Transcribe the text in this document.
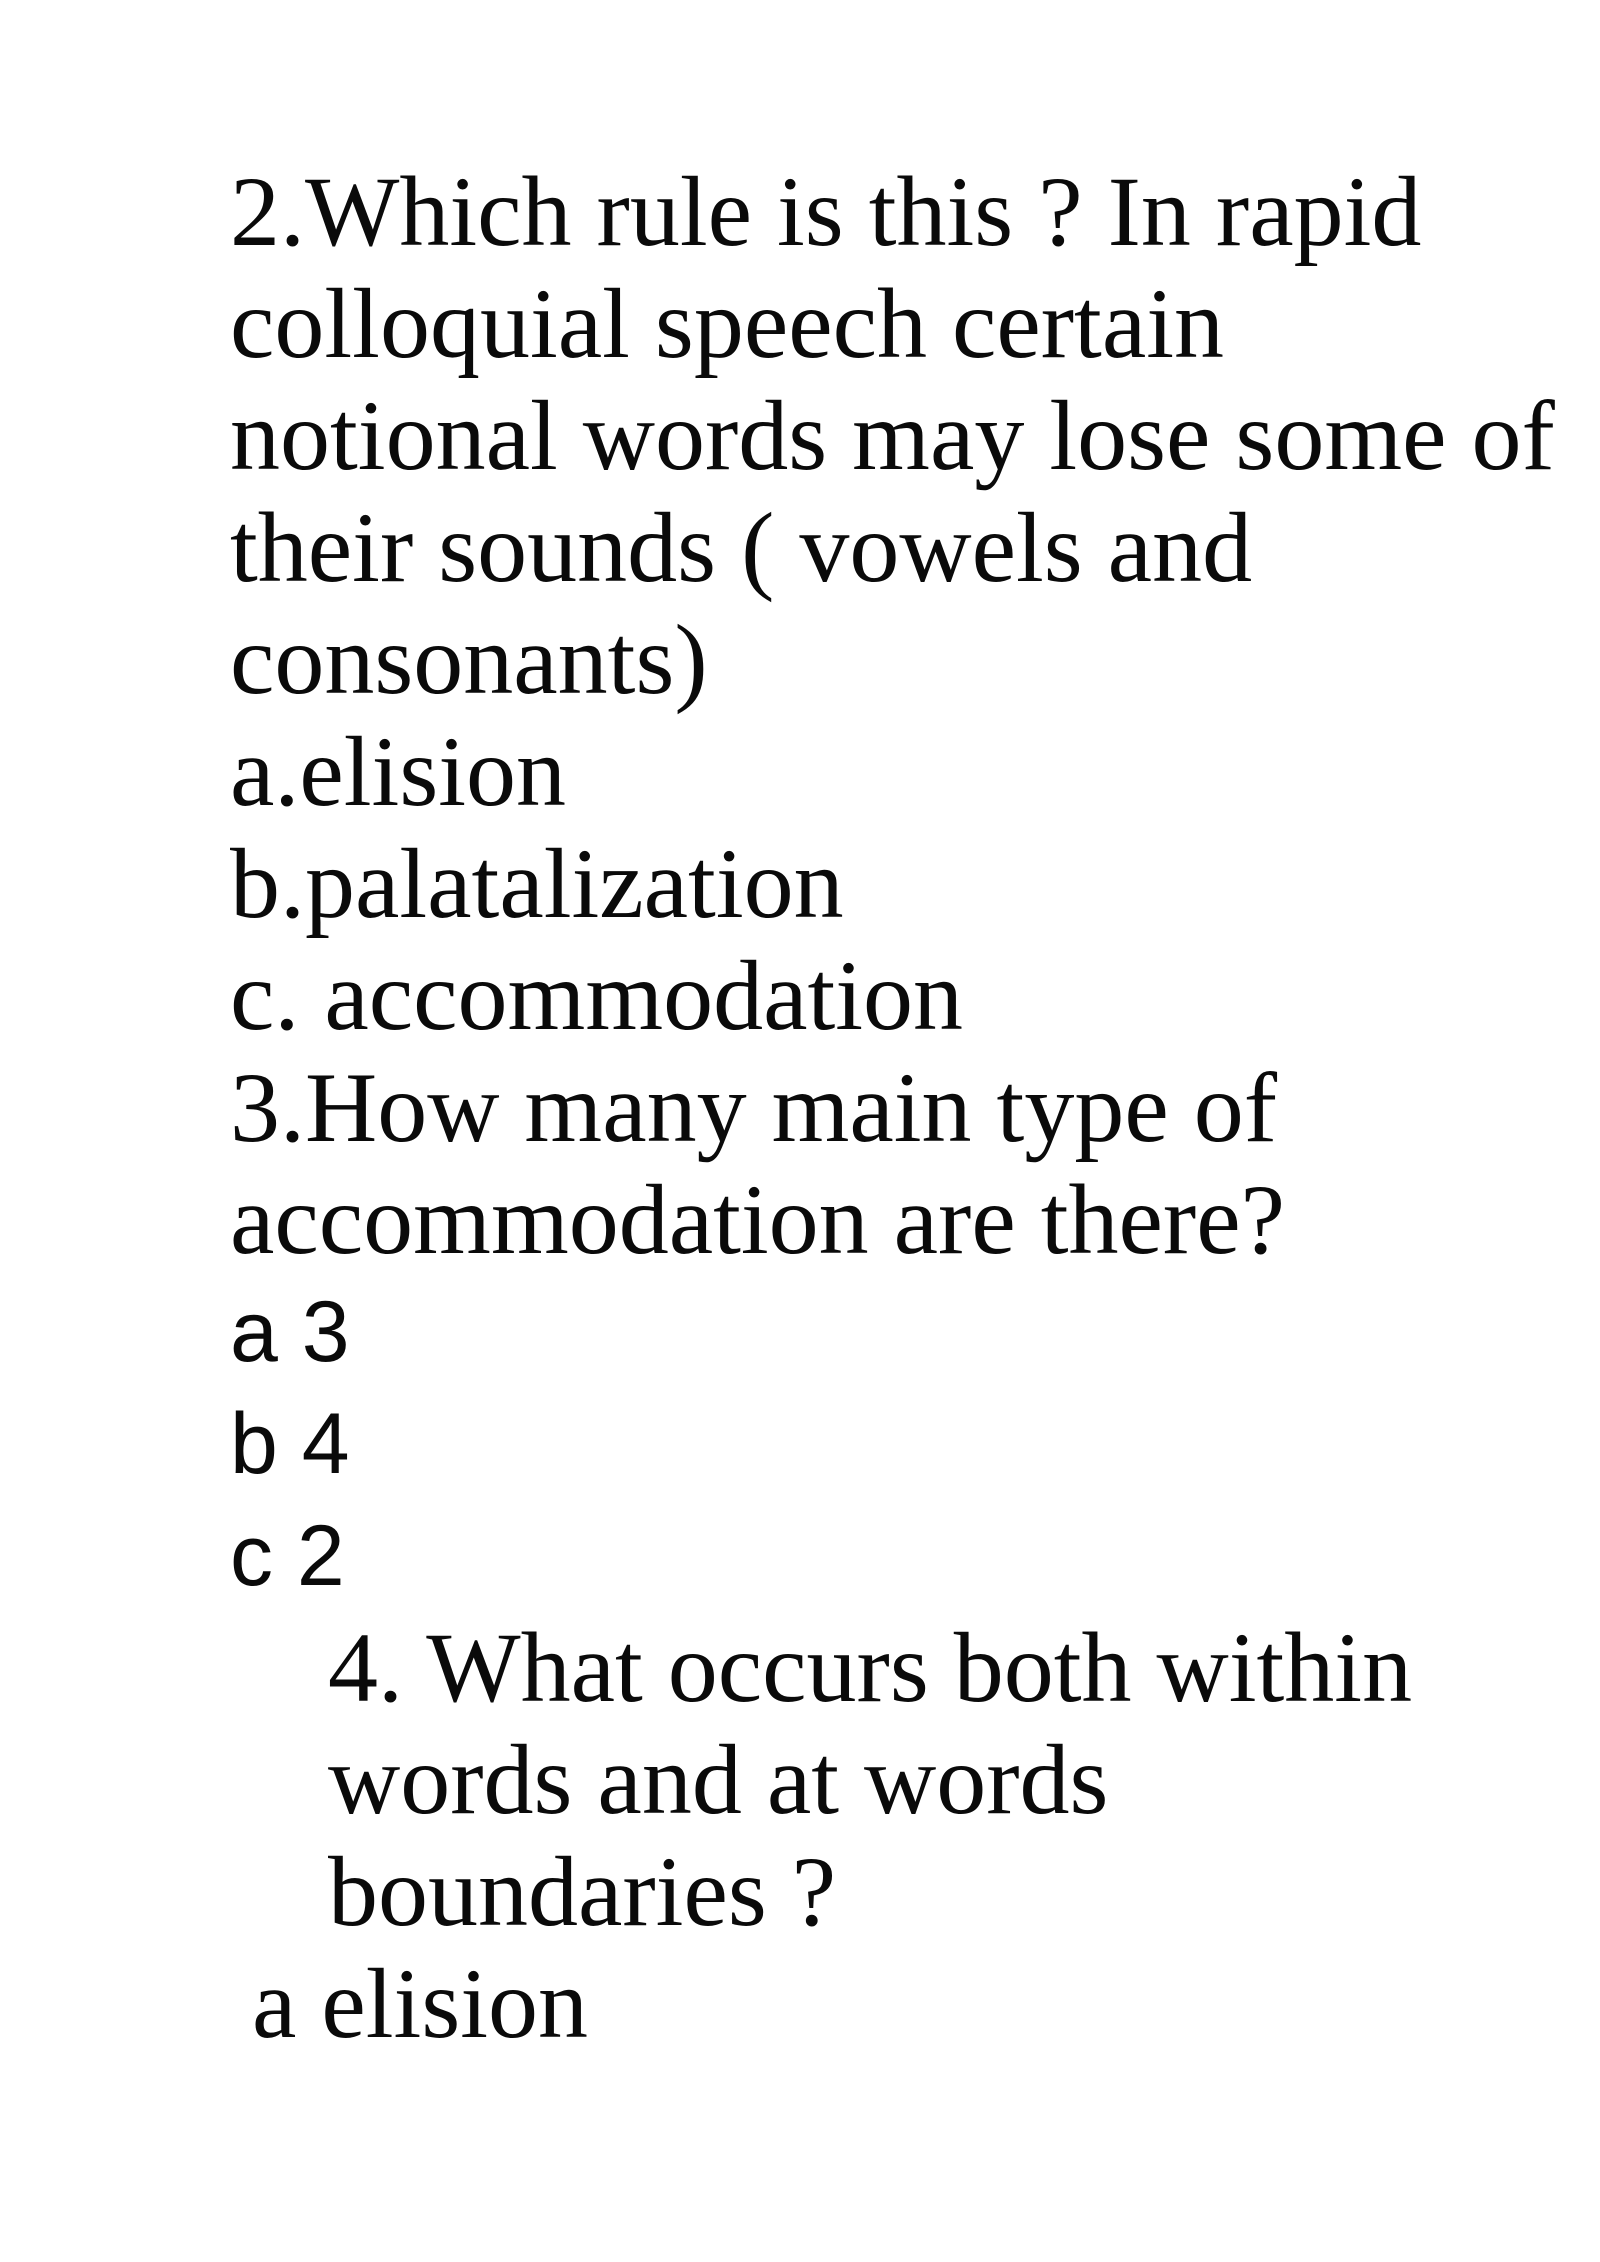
2.Which rule is this ? In rapid
colloquial speech certain
notional words may lose some of
their sounds ( vowels and
consonants)
a.elision
b.palatalization
c. accommodation
3.How many main type of
accommodation are there?
a 3
b 4
c 2
4. What occurs both within
words and at words
boundaries ?
a elision
